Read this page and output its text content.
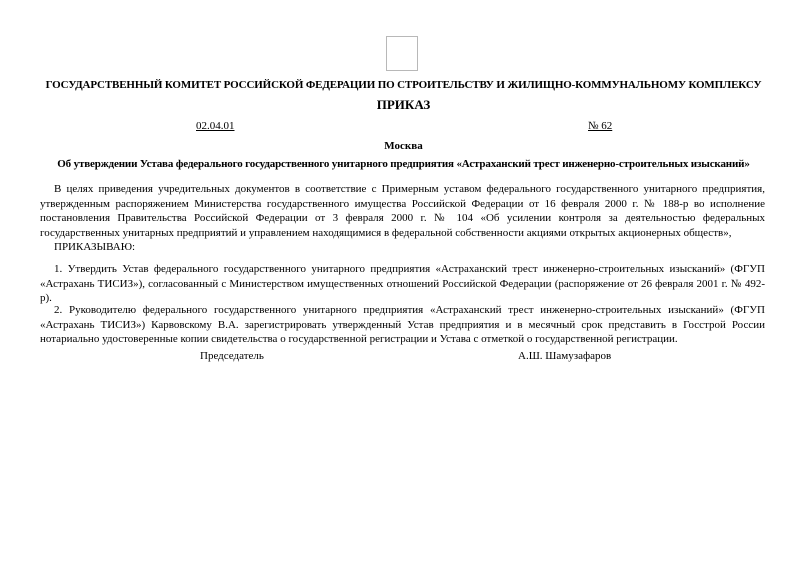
ГОСУДАРСТВЕННЫЙ КОМИТЕТ РОССИЙСКОЙ ФЕДЕРАЦИИ ПО СТРОИТЕЛЬСТВУ И ЖИЛИЩНО-КОММУНАЛЬНОМУ КОМПЛЕКСУ
ПРИКАЗ
02.04.01	№ 62
Москва
Об утверждении Устава федерального государственного унитарного предприятия «Астраханский трест инженерно-строительных изысканий»
В целях приведения учредительных документов в соответствие с Примерным уставом федерального государственного унитарного предприятия, утвержденным распоряжением Министерства государственного имущества Российской Федерации от 16 февраля 2000 г. № 188-р во исполнение постановления Правительства Российской Федерации от 3 февраля 2000 г. № 104 «Об усилении контроля за деятельностью федеральных государственных унитарных предприятий и управлением находящимися в федеральной собственности акциями открытых акционерных обществ»,
ПРИКАЗЫВАЮ:
1. Утвердить Устав федерального государственного унитарного предприятия «Астраханский трест инженерно-строительных изысканий» (ФГУП «Астрахань ТИСИЗ»), согласованный с Министерством имущественных отношений Российской Федерации (распоряжение от 26 февраля 2001 г. № 492-р).
2. Руководителю федерального государственного унитарного предприятия «Астраханский трест инженерно-строительных изысканий» (ФГУП «Астрахань ТИСИЗ») Карвовскому В.А. зарегистрировать утвержденный Устав предприятия и в месячный срок представить в Госстрой России нотариально удостоверенные копии свидетельства о государственной регистрации и Устава с отметкой о государственной регистрации.
Председатель	А.Ш. Шамузафаров
